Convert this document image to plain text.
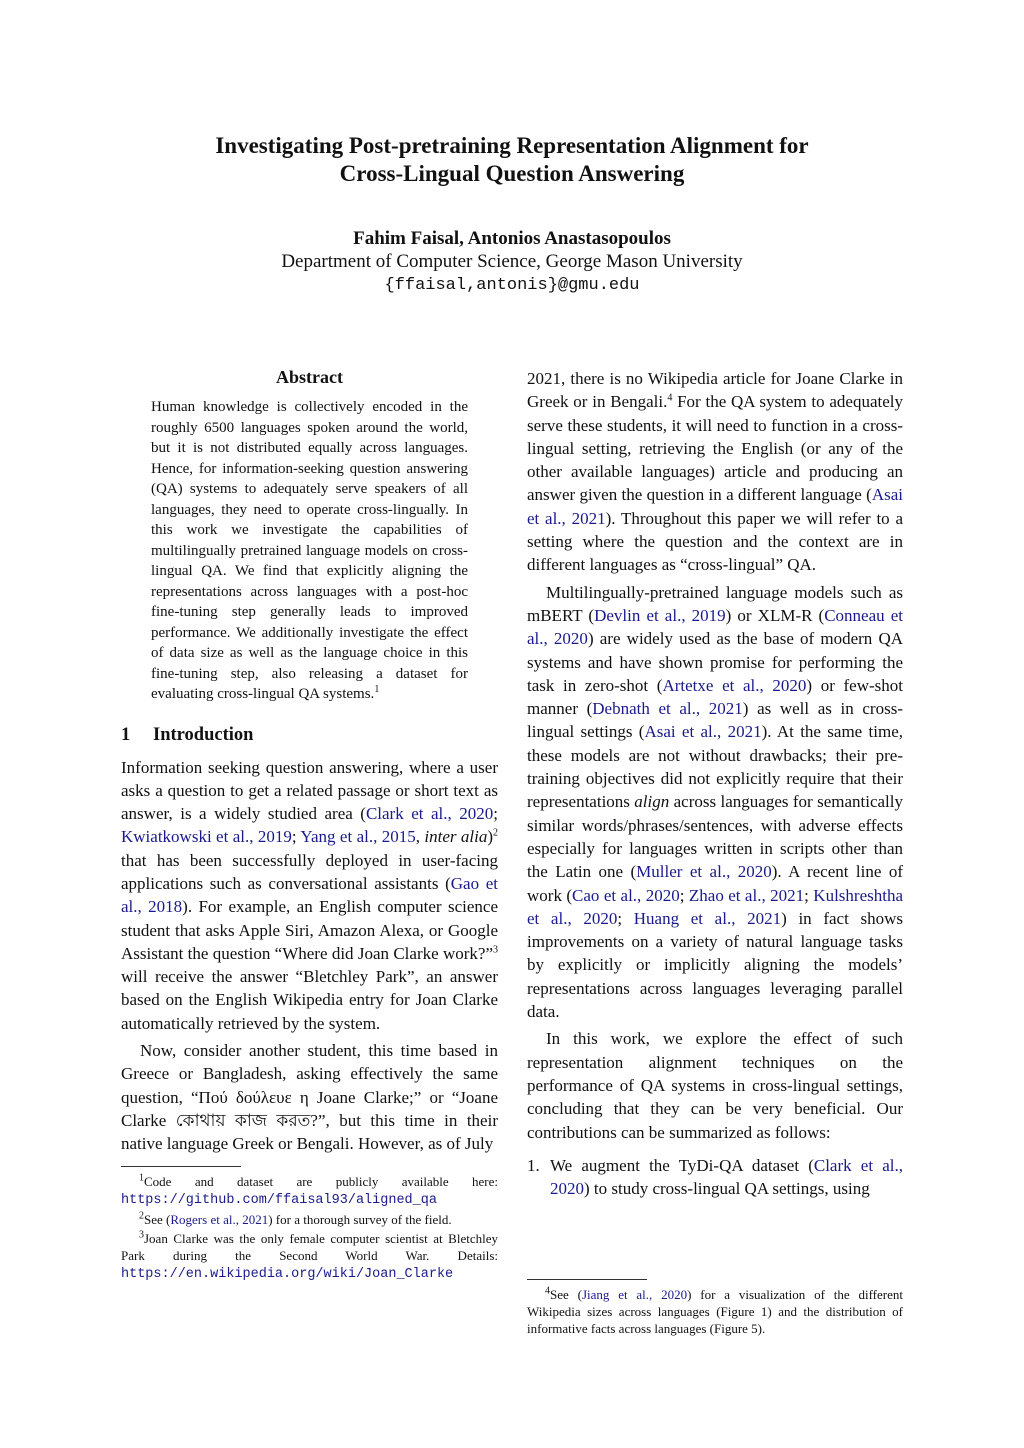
Investigating Post-pretraining Representation Alignment for
Cross-Lingual Question Answering
Fahim Faisal, Antonios Anastasopoulos
Department of Computer Science, George Mason University
{ffaisal,antonis}@gmu.edu
Abstract
Human knowledge is collectively encoded in the roughly 6500 languages spoken around the world, but it is not distributed equally across languages. Hence, for information-seeking question answering (QA) systems to adequately serve speakers of all languages, they need to operate cross-lingually. In this work we investigate the capabilities of multilingually pretrained language models on cross-lingual QA. We find that explicitly aligning the representations across languages with a post-hoc fine-tuning step generally leads to improved performance. We additionally investigate the effect of data size as well as the language choice in this fine-tuning step, also releasing a dataset for evaluating cross-lingual QA systems.$^1$
1 Introduction

Information seeking question answering, where a user asks a question to get a related passage or short text as answer, is a widely studied area (Clark et al., 2020; Kwiatkowski et al., 2019; Yang et al., 2015, inter alia)$^2$ that has been successfully deployed in user-facing applications such as conversational assistants (Gao et al., 2018). For example, an English computer science student that asks Apple Siri, Amazon Alexa, or Google Assistant the question “Where did Joan Clarke work?”$^3$ will receive the answer “Bletchley Park”, an answer based on the English Wikipedia entry for Joan Clarke automatically retrieved by the system.

Now, consider another student, this time based in Greece or Bangladesh, asking effectively the same question, “Πού δούλευε η Joane Clarke;” or “Joane Clarke কোথায় কাজ করত?”, but this time in their native language Greek or Bengali. However, as of July

$^1$Code and dataset are publicly available here: https://github.com/ffaisal93/aligned_qa
$^2$See (Rogers et al., 2021) for a thorough survey of the field.
$^3$Joan Clarke was the only female computer scientist at Bletchley Park during the Second World War. Details: https://en.wikipedia.org/wiki/Joan_Clarke

2021, there is no Wikipedia article for Joane Clarke in Greek or in Bengali.$^4$ For the QA system to adequately serve these students, it will need to function in a cross-lingual setting, retrieving the English (or any of the other available languages) article and producing an answer given the question in a different language (Asai et al., 2021). Throughout this paper we will refer to a setting where the question and the context are in different languages as “cross-lingual” QA.

Multilingually-pretrained language models such as mBERT (Devlin et al., 2019) or XLM-R (Conneau et al., 2020) are widely used as the base of modern QA systems and have shown promise for performing the task in zero-shot (Artetxe et al., 2020) or few-shot manner (Debnath et al., 2021) as well as in cross-lingual settings (Asai et al., 2021). At the same time, these models are not without drawbacks; their pre-training objectives did not explicitly require that their representations align across languages for semantically similar words/phrases/sentences, with adverse effects especially for languages written in scripts other than the Latin one (Muller et al., 2020). A recent line of work (Cao et al., 2020; Zhao et al., 2021; Kulshreshtha et al., 2020; Huang et al., 2021) in fact shows improvements on a variety of natural language tasks by explicitly or implicitly aligning the models’ representations across languages leveraging parallel data.

In this work, we explore the effect of such representation alignment techniques on the performance of QA systems in cross-lingual settings, concluding that they can be very beneficial. Our contributions can be summarized as follows:

1. We augment the TyDi-QA dataset (Clark et al., 2020) to study cross-lingual QA settings, using
$^4$See (Jiang et al., 2020) for a visualization of the different Wikipedia sizes across languages (Figure 1) and the distribution of informative facts across languages (Figure 5).
